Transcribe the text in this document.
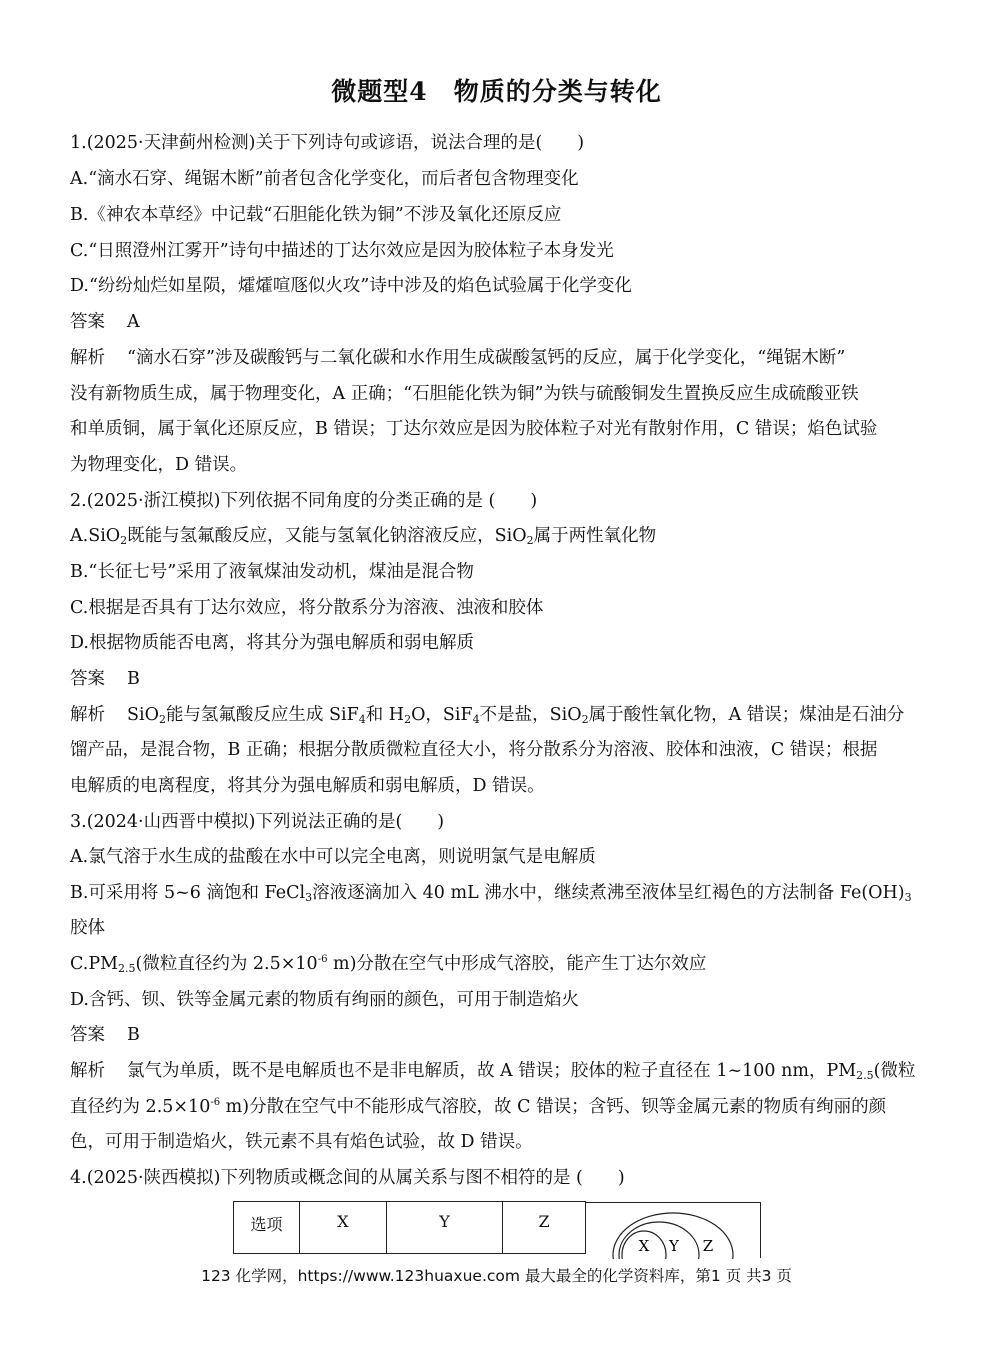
微题型4　物质的分类与转化
1.(2025·天津蓟州检测)关于下列诗句或谚语，说法合理的是(　　)
A.“滴水石穿、绳锯木断”前者包含化学变化，而后者包含物理变化
B.《神农本草经》中记载“石胆能化铁为铜”不涉及氧化还原反应
C.“日照澄州江雾开”诗句中描述的丁达尔效应是因为胶体粒子本身发光
D.“纷纷灿烂如星陨，㸌㸌喧豗似火攻”诗中涉及的焰色试验属于化学变化
答案 A
解析 “滴水石穿”涉及碳酸钙与二氧化碳和水作用生成碳酸氢钙的反应，属于化学变化，“绳锯木断”
没有新物质生成，属于物理变化，A 正确；“石胆能化铁为铜”为铁与硫酸铜发生置换反应生成硫酸亚铁
和单质铜，属于氧化还原反应，B 错误；丁达尔效应是因为胶体粒子对光有散射作用，C 错误；焰色试验
为物理变化，D 错误。
2.(2025·浙江模拟)下列依据不同角度的分类正确的是 (　　)
A.SiO$_2$既能与氢氟酸反应，又能与氢氧化钠溶液反应，SiO$_2$属于两性氧化物
B.“长征七号”采用了液氧煤油发动机，煤油是混合物
C.根据是否具有丁达尔效应，将分散系分为溶液、浊液和胶体
D.根据物质能否电离，将其分为强电解质和弱电解质
答案 B
解析 SiO$_2$能与氢氟酸反应生成 SiF$_4$和 $H_2O$，SiF$_4$不是盐，SiO$_2$属于酸性氧化物，A 错误；煤油是石油分
馏产品，是混合物，B 正确；根据分散质微粒直径大小，将分散系分为溶液、胶体和浊液，C 错误；根据
电解质的电离程度，将其分为强电解质和弱电解质，D 错误。
3.(2024·山西晋中模拟)下列说法正确的是(　　)
A.氯气溶于水生成的盐酸在水中可以完全电离，则说明氯气是电解质
B.可采用将 5~6 滴饱和 FeCl$_3$溶液逐滴加入 40 mL 沸水中，继续煮沸至液体呈红褐色的方法制备 $Fe(OH)_3$
胶体
$C.PM_{2.5}$(微粒直径约为 $2.5\times 10^{-6}$ m)分散在空气中形成气溶胶，能产生丁达尔效应
D.含钙、钡、铁等金属元素的物质有绚丽的颜色，可用于制造焰火
答案 B
解析 氯气为单质，既不是电解质也不是非电解质，故 A 错误；胶体的粒子直径在 1~100 nm，$PM_{2.5}$(微粒
直径约为 $2.5\times 10^{-6}$ m)分散在空气中不能形成气溶胶，故 C 错误；含钙、钡等金属元素的物质有绚丽的颜
色，可用于制造焰火，铁元素不具有焰色试验，故 D 错误。
4.(2025·陕西模拟)下列物质或概念间的从属关系与图不相符的是 (　　)
选项	X	Y	Z
X Y Z
123 化学网，https://www.123huaxue.com 最大最全的化学资料库，第1 页 共3 页
